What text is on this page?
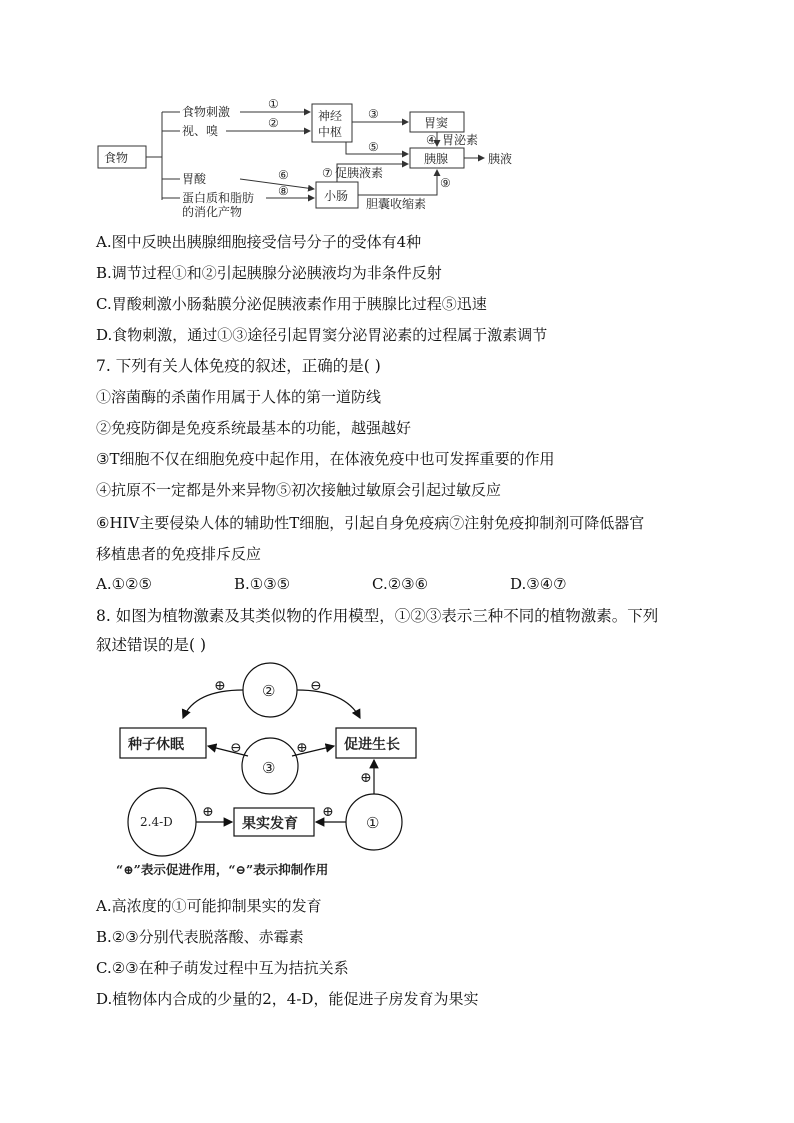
食物
食物刺激
视、嗅
胃酸
蛋白质和脂肪
的消化产物
神经
中枢
胃窦
胰腺	胰液
小肠
胃泌素
促胰液素
胆囊收缩素
①
②
③
④
⑤
⑥	⑦
⑧
⑨
A.图中反映出胰腺细胞接受信号分子的受体有4种
B.调节过程①和②引起胰腺分泌胰液均为非条件反射
C.胃酸刺激小肠黏膜分泌促胰液素作用于胰腺比过程⑤迅速
D.食物刺激，通过①③途径引起胃窦分泌胃泌素的过程属于激素调节
7. 下列有关人体免疫的叙述，正确的是( )
①溶菌酶的杀菌作用属于人体的第一道防线
②免疫防御是免疫系统最基本的功能，越强越好
③T细胞不仅在细胞免疫中起作用，在体液免疫中也可发挥重要的作用
④抗原不一定都是外来异物⑤初次接触过敏原会引起过敏反应
⑥HIV主要侵染人体的辅助性T细胞，引起自身免疫病⑦注射免疫抑制剂可降低器官
移植患者的免疫排斥反应
A.①②⑤	B.①③⑤	C.②③⑥	D.③④⑦
8. 如图为植物激素及其类似物的作用模型，①②③表示三种不同的植物激素。下列
叙述错误的是( )
种子休眠	促进生长
果实发育
②
③
①
2.4-D
⊕	⊖
⊖	⊕
⊕	⊕
⊕
“⊕”表示促进作用，“⊖”表示抑制作用
A.高浓度的①可能抑制果实的发育
B.②③分别代表脱落酸、赤霉素
C.②③在种子萌发过程中互为拮抗关系
D.植物体内合成的少量的2，4-D，能促进子房发育为果实
